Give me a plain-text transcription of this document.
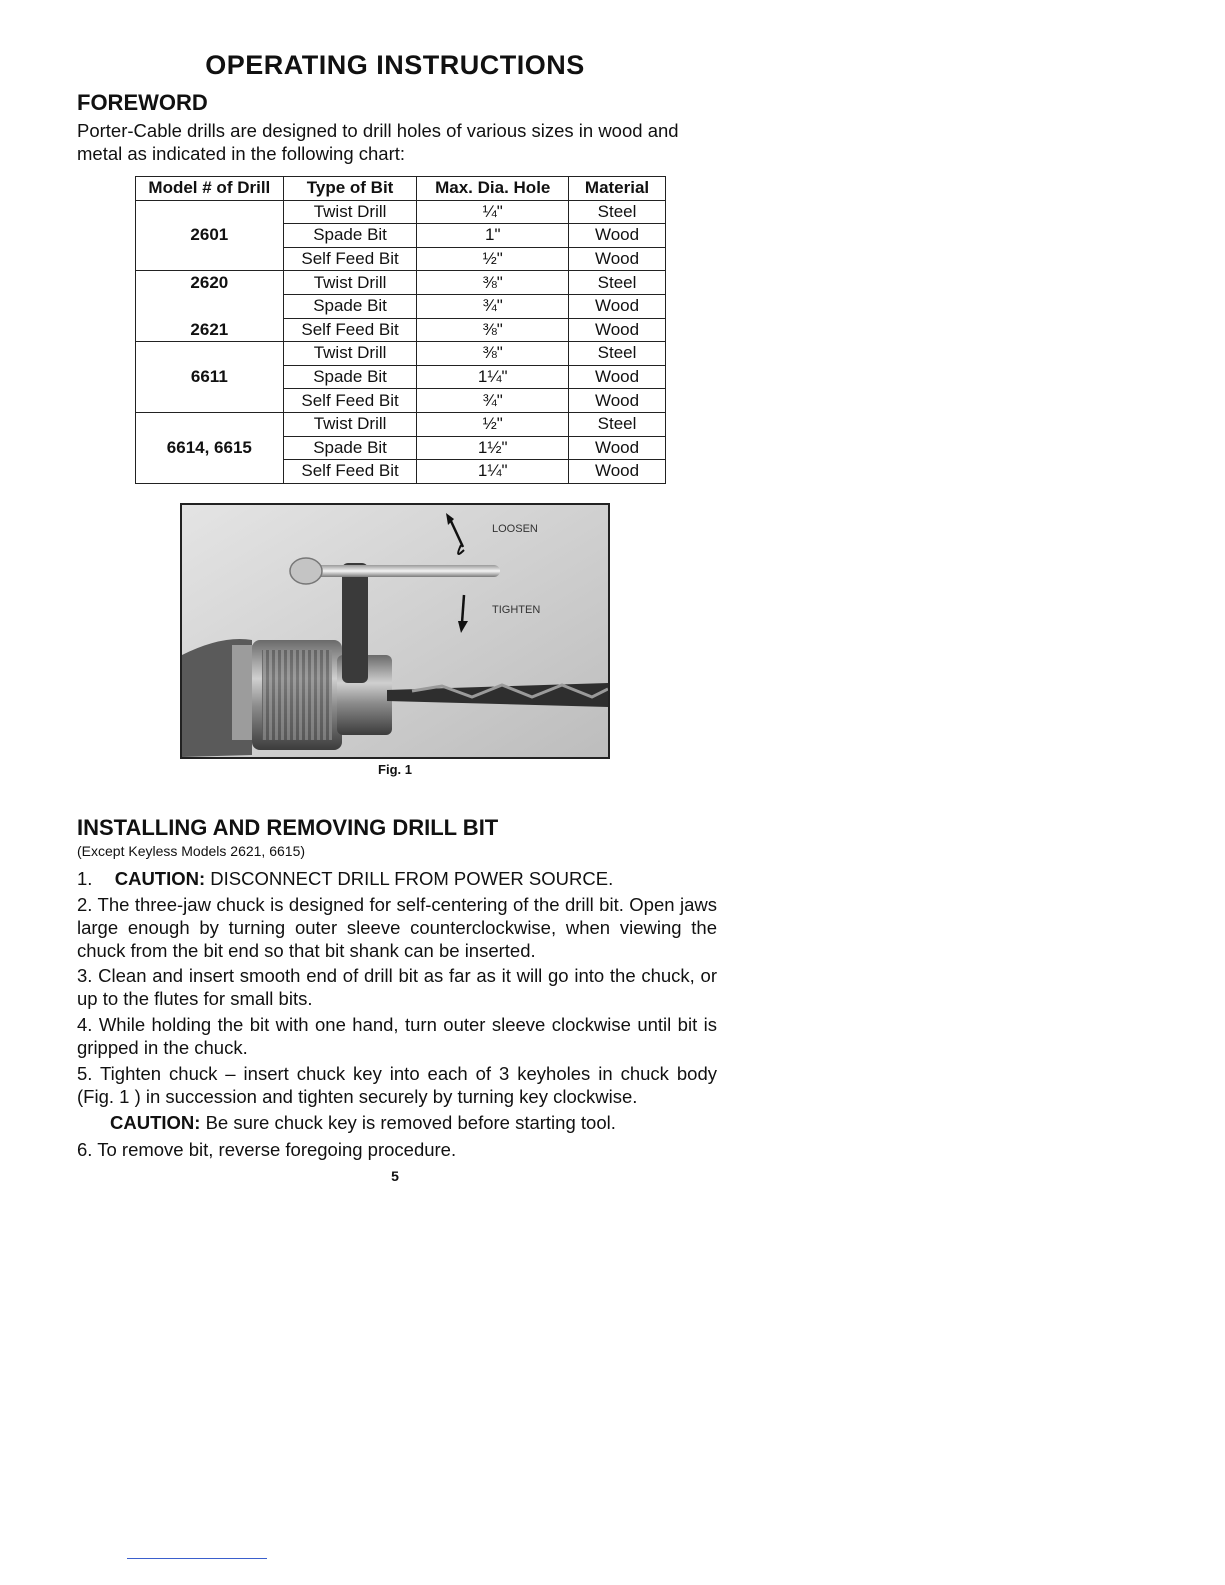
OPERATING INSTRUCTIONS
FOREWORD
Porter-Cable drills are designed to drill holes of various sizes in wood and metal as indicated in the following chart:
Model # of Drill	Type of Bit	Max. Dia. Hole	Material
	Twist Drill	¼"	Steel
2601	Spade Bit	1"	Wood
	Self Feed Bit	½"	Wood
2620	Twist Drill	⅜"	Steel
	Spade Bit	¾"	Wood
2621	Self Feed Bit	⅜"	Wood
	Twist Drill	⅜"	Steel
6611	Spade Bit	1¼"	Wood
	Self Feed Bit	¾"	Wood
	Twist Drill	½"	Steel
6614, 6615	Spade Bit	1½"	Wood
	Self Feed Bit	1¼"	Wood
LOOSEN
TIGHTEN
Fig. 1
INSTALLING AND REMOVING DRILL BIT
(Except Keyless Models 2621, 6615)
1. CAUTION: DISCONNECT DRILL FROM POWER SOURCE.
2. The three-jaw chuck is designed for self-centering of the drill bit. Open jaws large enough by turning outer sleeve counterclockwise, when viewing the chuck from the bit end so that bit shank can be inserted.
3. Clean and insert smooth end of drill bit as far as it will go into the chuck, or up to the flutes for small bits.
4. While holding the bit with one hand, turn outer sleeve clockwise until bit is gripped in the chuck.
5. Tighten chuck – insert chuck key into each of 3 keyholes in chuck body (Fig. 1 ) in succession and tighten securely by turning key clockwise.
CAUTION: Be sure chuck key is removed before starting tool.
6. To remove bit, reverse foregoing procedure.
5
